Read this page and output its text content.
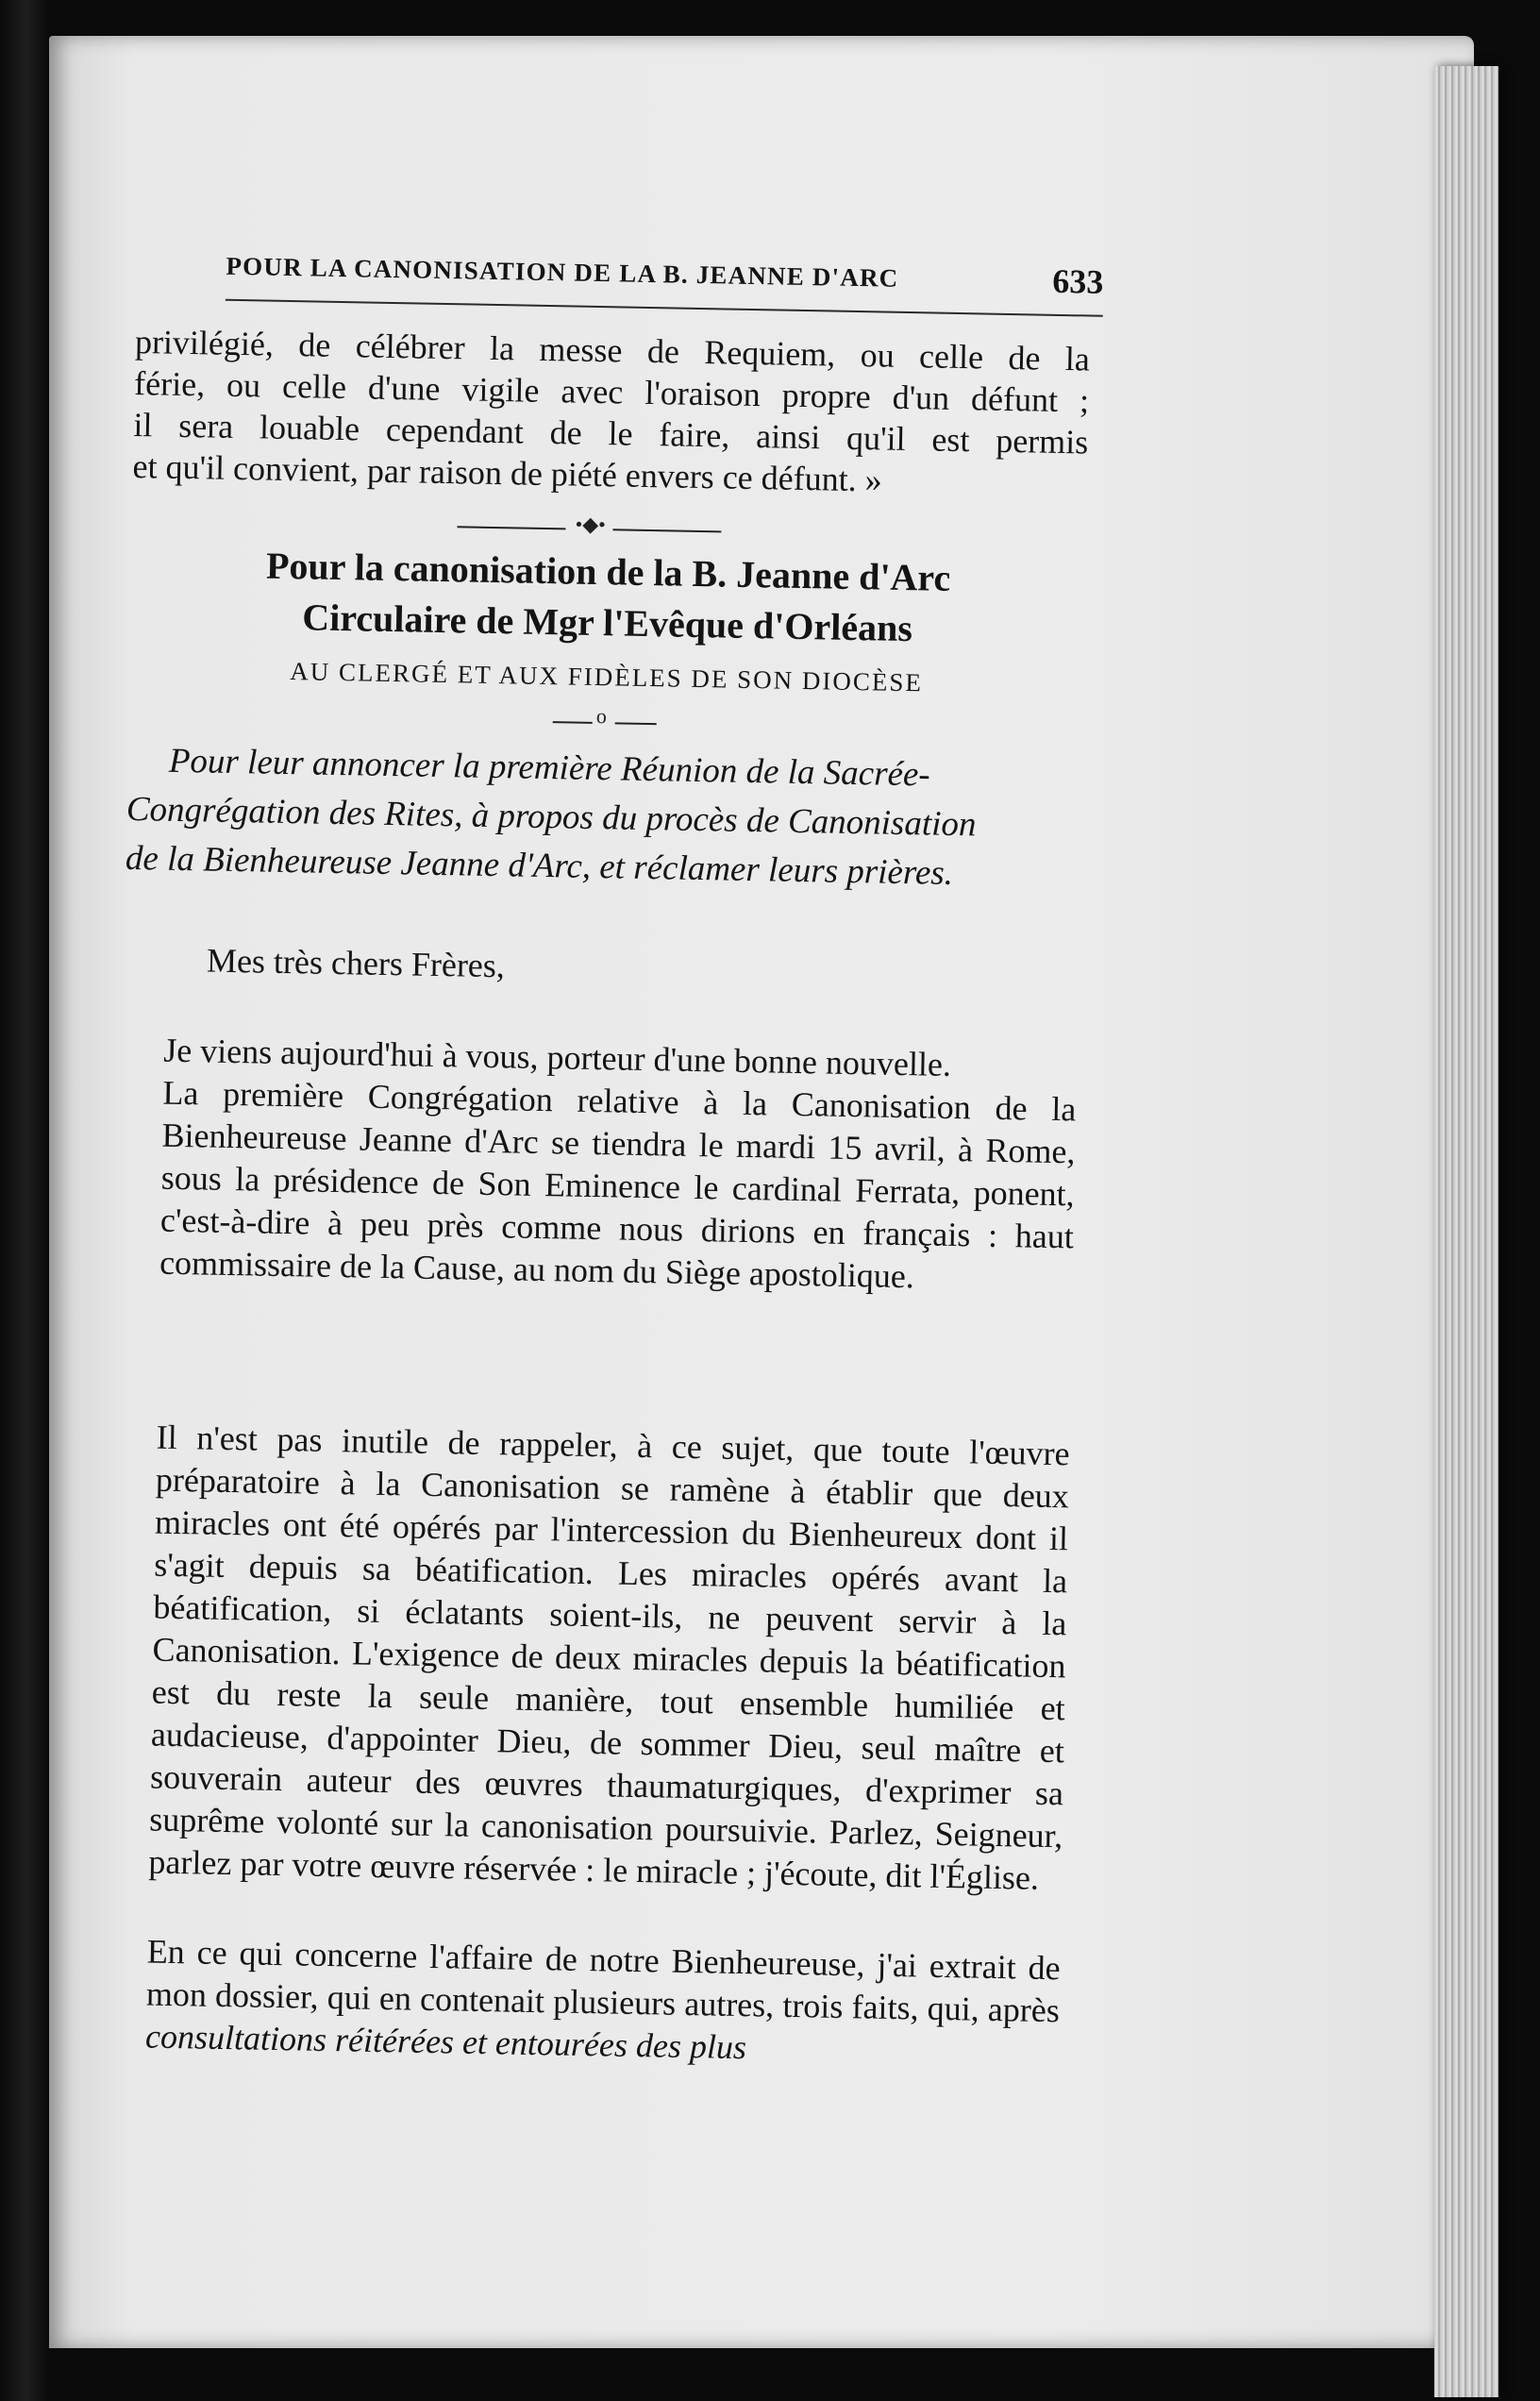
POUR LA CANONISATION DE LA B. JEANNE D'ARC	633
privilégié, de célébrer la messe de Requiem, ou celle de la
férie, ou celle d'une vigile avec l'oraison propre d'un défunt ;
il sera louable cependant de le faire, ainsi qu'il est permis
et qu'il convient, par raison de piété envers ce défunt. »
•◆•
Pour la canonisation de la B. Jeanne d'Arc
Circulaire de Mgr l'Evêque d'Orléans
AU CLERGÉ ET AUX FIDÈLES DE SON DIOCÈSE
o
Pour leur annoncer la première Réunion de la Sacrée-
Congrégation des Rites, à propos du procès de Canonisation
de la Bienheureuse Jeanne d'Arc, et réclamer leurs prières.
Mes très chers Frères,
Je viens aujourd'hui à vous, porteur d'une bonne nouvelle.
La première Congrégation relative à la Canonisation de la Bienheureuse Jeanne d'Arc se tiendra le mardi 15 avril, à Rome, sous la présidence de Son Eminence le cardinal Ferrata, ponent, c'est-à-dire à peu près comme nous dirions en français : haut commissaire de la Cause, au nom du Siège apostolique.
Il n'est pas inutile de rappeler, à ce sujet, que toute l'œuvre préparatoire à la Canonisation se ramène à établir que deux miracles ont été opérés par l'intercession du Bienheureux dont il s'agit depuis sa béatification. Les miracles opérés avant la béatification, si éclatants soient-ils, ne peuvent servir à la Canonisation. L'exigence de deux miracles depuis la béatification est du reste la seule manière, tout ensemble humiliée et audacieuse, d'appointer Dieu, de sommer Dieu, seul maître et souverain auteur des œuvres thaumaturgiques, d'exprimer sa suprême volonté sur la canonisation poursuivie. Parlez, Seigneur, parlez par votre œuvre réservée : le miracle ; j'écoute, dit l'Église.
En ce qui concerne l'affaire de notre Bienheureuse, j'ai extrait de mon dossier, qui en contenait plusieurs autres, trois faits, qui, après consultations réitérées et entourées des plus
